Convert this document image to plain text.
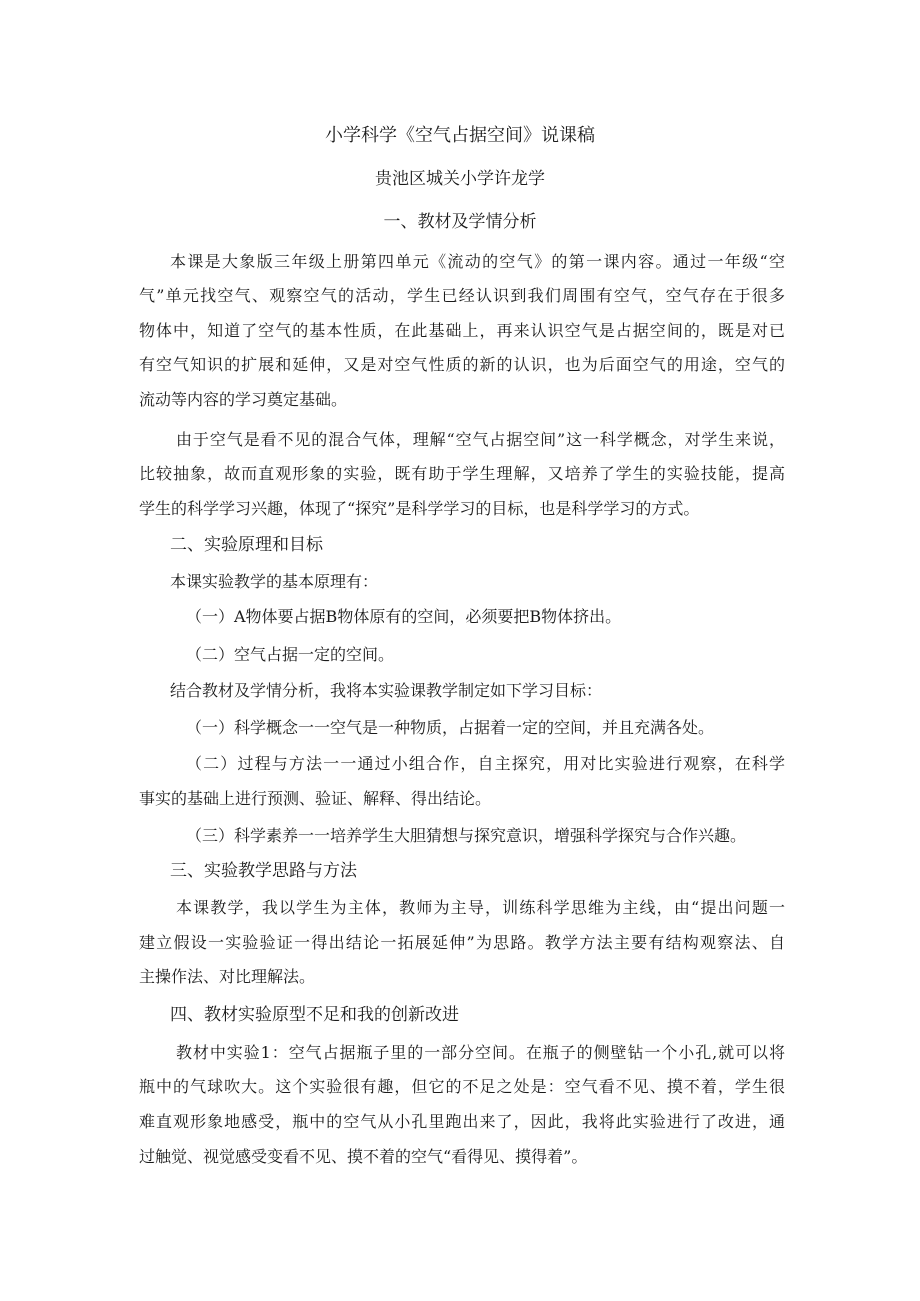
小学科学《空气占据空间》说课稿
贵池区城关小学许龙学
一、教材及学情分析
本课是大象版三年级上册第四单元《流动的空气》的第一课内容。通过一年级“空
气”单元找空气、观察空气的活动，学生已经认识到我们周围有空气，空气存在于很多
物体中，知道了空气的基本性质，在此基础上，再来认识空气是占据空间的，既是对已
有空气知识的扩展和延伸，又是对空气性质的新的认识，也为后面空气的用途，空气的
流动等内容的学习奠定基础。
由于空气是看不见的混合气体，理解“空气占据空间”这一科学概念，对学生来说，
比较抽象，故而直观形象的实验，既有助于学生理解，又培养了学生的实验技能，提高
学生的科学学习兴趣，体现了“探究”是科学学习的目标，也是科学学习的方式。
二、实验原理和目标
本课实验教学的基本原理有：
（一）A物体要占据B物体原有的空间，必须要把B物体挤出。
（二）空气占据一定的空间。
结合教材及学情分析，我将本实验课教学制定如下学习目标：
（一）科学概念一一空气是一种物质，占据着一定的空间，并且充满各处。
（二）过程与方法一一通过小组合作，自主探究，用对比实验进行观察，在科学
事实的基础上进行预测、验证、解释、得出结论。
（三）科学素养一一培养学生大胆猜想与探究意识，增强科学探究与合作兴趣。
三、实验教学思路与方法
本课教学，我以学生为主体，教师为主导，训练科学思维为主线，由“提出问题一
建立假设一实验验证一得出结论一拓展延伸”为思路。教学方法主要有结构观察法、自
主操作法、对比理解法。
四、教材实验原型不足和我的创新改进
教材中实验1：空气占据瓶子里的一部分空间。在瓶子的侧壁钻一个小孔,就可以将
瓶中的气球吹大。这个实验很有趣，但它的不足之处是：空气看不见、摸不着，学生很
难直观形象地感受，瓶中的空气从小孔里跑出来了，因此，我将此实验进行了改进，通
过触觉、视觉感受变看不见、摸不着的空气“看得见、摸得着”。
